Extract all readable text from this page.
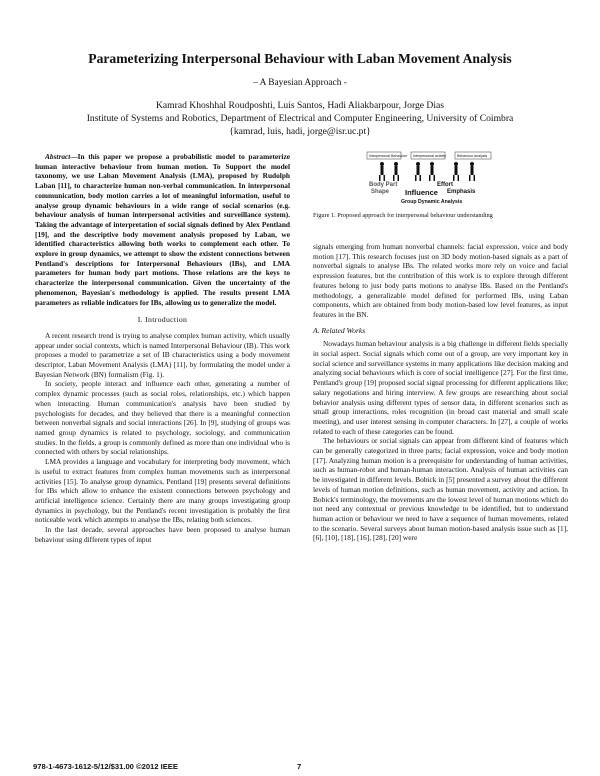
Parameterizing Interpersonal Behaviour with Laban Movement Analysis
– A Bayesian Approach -
Kamrad Khoshhal Roudposhti, Luís Santos, Hadi Aliakbarpour, Jorge Dias
Institute of Systems and Robotics, Department of Electrical and Computer Engineering, University of Coimbra
{kamrad, luis, hadi, jorge@isr.uc.pt}

Abstract—In this paper we propose a probabilistic model to parameterize human interactive behaviour from human motion. To Support the model taxonomy, we use Laban Movement Analysis (LMA), proposed by Rudolph Laban [11], to characterize human non-verbal communication. In interpersonal communication, body motion carries a lot of meaningful information, useful to analyse group dynamic behaviours in a wide range of social scenarios (e.g. behaviour analysis of human interpersonal activities and surveillance system). Taking the advantage of interpretation of social signals defined by Alex Pentland [19], and the descriptive body movement analysis proposed by Laban, we identified characteristics allowing both works to complement each other. To explore in group dynamics, we attempt to show the existent connections between Pentland's descriptions for Interpersonal Behaviours (IBs), and LMA parameters for human body part motions. Those relations are the keys to characterize the interpersonal communication. Given the uncertainty of the phenomenon, Bayesian's methodology is applied. The results present LMA parameters as reliable indicators for IBs, allowing us to generalize the model.

I. Introduction

A recent research trend is trying to analyse complex human activity, which usually appear under social contexts, which is named Interpersonal Behaviour (IB). This work proposes a model to parametrize a set of IB characteristics using a body movement descriptor, Laban Movement Analysis (LMA) [11], by formulating the model under a Bayesian Network (BN) formalism (Fig. 1).

In society, people interact and influence each other, generating a number of complex dynamic processes (such as social roles, relationships, etc.) which happen when interacting. Human communication's analysis have been studied by psychologists for decades, and they believed that there is a meaningful connection between nonverbal signals and social interactions [26]. In [9], studying of groups was named group dynamics is related to psychology, sociology, and communication studies. In the fields, a group is commonly defined as more than one individual who is connected with others by social relationships.

LMA provides a language and vocabulary for interpreting body movement, which is useful to extract features from complex human movements such as interpersonal activities [15]. To analyse group dynamics, Pentland [19] presents several definitions for IBs which allow to enhance the existent connections between psychology and artificial intelligence science. Certainly there are many groups investigating group dynamics in psychology, but the Pentland's recent investigation is probably the first noticeable work which attempts to analyse the IBs, relating both sciences.

In the last decade, several approaches have been proposed to analyse human behaviour using different types of input

Interpersonal Behaviour Interpersonal activity	Behaviour analysis
Body Part	Effort
Shape	Emphasis
Influence
Group Dynamic Analysis
Figure 1. Proposed approach for interpersonal behaviour understanding

signals emerging from human nonverbal channels: facial expression, voice and body motion [17]. This research focuses just on 3D body motion-based signals as a part of nonverbal signals to analyse IBs. The related works more rely on voice and facial expression features, but the contribution of this work is to explore through different features belong to just body parts motions to analyse IBs. Based on the Pentland's methodology, a generalizable model defined for performed IBs, using Laban components, which are obtained from body motion-based low level features, as input features in the BN.

A. Related Works

Nowadays human behaviour analysis is a big challenge in different fields specially in social aspect. Social signals which come out of a group, are very important key in social science and surveillance systems in many applications like decision making and analyzing social behaviours which is core of social intelligence [27]. For the first time, Pentland's group [19] proposed social signal processing for different applications like; salary negotiations and hiring interview. A few groups are researching about social behavior analysis using different types of sensor data, in different scenarios such as small group interactions, roles recognition (in broad cast material and small scale meeting), and user interest sensing in computer characters. In [27], a couple of works related to each of these categories can be found.

The behaviours or social signals can appear from different kind of features which can be generally categorized in three parts; facial expression, voice and body motion [17]. Analyzing human motion is a prerequisite for understanding of human activities, such as human-robot and human-human interaction. Analysis of human activities can be investigated in different levels. Bobick in [5] presented a survey about the different levels of human motion definitions, such as human movement, activity and action. In Bobick's terminology, the movements are the lowest level of human motions which do not need any contextual or previous knowledge to be identified, but to understand human action or behaviour we need to have a sequence of human movements, related to the scenario. Several surveys about human motion-based analysis issue such as [1], [6], [10], [18], [16], [28], [20] were

978-1-4673-1612-5/12/$31.00 ©2012 IEEE	7
